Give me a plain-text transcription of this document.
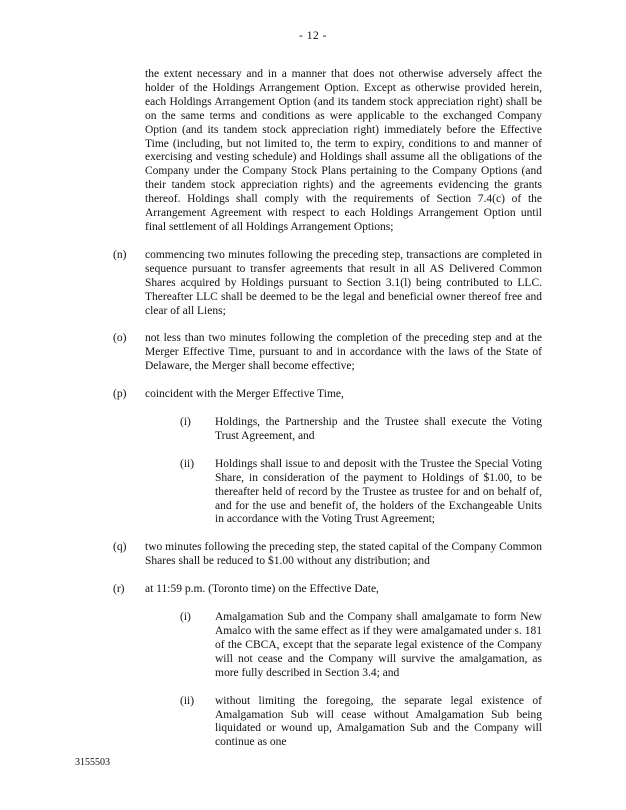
- 12 -

the extent necessary and in a manner that does not otherwise adversely affect the holder of the Holdings Arrangement Option. Except as otherwise provided herein, each Holdings Arrangement Option (and its tandem stock appreciation right) shall be on the same terms and conditions as were applicable to the exchanged Company Option (and its tandem stock appreciation right) immediately before the Effective Time (including, but not limited to, the term to expiry, conditions to and manner of exercising and vesting schedule) and Holdings shall assume all the obligations of the Company under the Company Stock Plans pertaining to the Company Options (and their tandem stock appreciation rights) and the agreements evidencing the grants thereof. Holdings shall comply with the requirements of Section 7.4(c) of the Arrangement Agreement with respect to each Holdings Arrangement Option until final settlement of all Holdings Arrangement Options;

(n)	commencing two minutes following the preceding step, transactions are completed in sequence pursuant to transfer agreements that result in all AS Delivered Common Shares acquired by Holdings pursuant to Section 3.1(l) being contributed to LLC. Thereafter LLC shall be deemed to be the legal and beneficial owner thereof free and clear of all Liens;
(o)	not less than two minutes following the completion of the preceding step and at the Merger Effective Time, pursuant to and in accordance with the laws of the State of Delaware, the Merger shall become effective;
(p)	coincident with the Merger Effective Time,
(i)	Holdings, the Partnership and the Trustee shall execute the Voting Trust Agreement, and
(ii)	Holdings shall issue to and deposit with the Trustee the Special Voting Share, in consideration of the payment to Holdings of $1.00, to be thereafter held of record by the Trustee as trustee for and on behalf of, and for the use and benefit of, the holders of the Exchangeable Units in accordance with the Voting Trust Agreement;
(q)	two minutes following the preceding step, the stated capital of the Company Common Shares shall be reduced to $1.00 without any distribution; and
(r)	at 11:59 p.m. (Toronto time) on the Effective Date,
(i)	Amalgamation Sub and the Company shall amalgamate to form New Amalco with the same effect as if they were amalgamated under s. 181 of the CBCA, except that the separate legal existence of the Company will not cease and the Company will survive the amalgamation, as more fully described in Section 3.4; and
(ii)	without limiting the foregoing, the separate legal existence of Amalgamation Sub will cease without Amalgamation Sub being liquidated or wound up, Amalgamation Sub and the Company will continue as one
3155503
